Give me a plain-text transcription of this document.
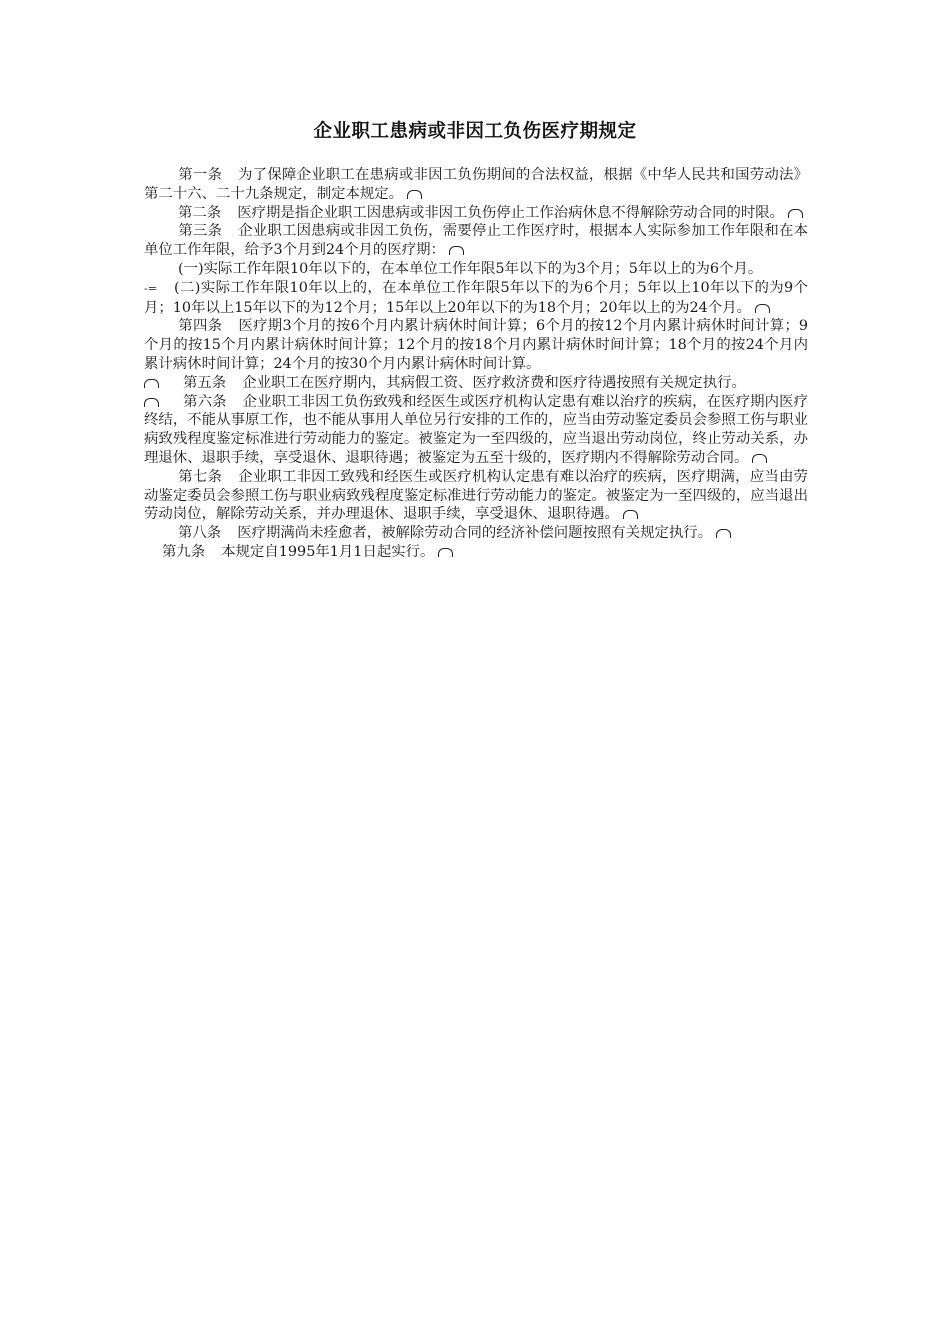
企业职工患病或非因工负伤医疗期规定

第一条 为了保障企业职工在患病或非因工负伤期间的合法权益，根据《中华人民共和国劳动法》第二十六、二十九条规定，制定本规定。

第二条 医疗期是指企业职工因患病或非因工负伤停止工作治病休息不得解除劳动合同的时限。

第三条 企业职工因患病或非因工负伤，需要停止工作医疗时，根据本人实际参加工作年限和在本单位工作年限，给予3个月到24个月的医疗期：

(一)实际工作年限10年以下的，在本单位工作年限5年以下的为3个月；5年以上的为6个月。

-= (二)实际工作年限10年以上的，在本单位工作年限5年以下的为6个月；5年以上10年以下的为9个月；10年以上15年以下的为12个月；15年以上20年以下的为18个月；20年以上的为24个月。

第四条 医疗期3个月的按6个月内累计病休时间计算；6个月的按12个月内累计病休时间计算；9个月的按15个月内累计病休时间计算；12个月的按18个月内累计病休时间计算；18个月的按24个月内累计病休时间计算；24个月的按30个月内累计病休时间计算。

第五条 企业职工在医疗期内，其病假工资、医疗救济费和医疗待遇按照有关规定执行。

第六条 企业职工非因工负伤致残和经医生或医疗机构认定患有难以治疗的疾病，在医疗期内医疗终结，不能从事原工作，也不能从事用人单位另行安排的工作的，应当由劳动鉴定委员会参照工伤与职业病致残程度鉴定标准进行劳动能力的鉴定。被鉴定为一至四级的，应当退出劳动岗位，终止劳动关系，办理退休、退职手续，享受退休、退职待遇；被鉴定为五至十级的，医疗期内不得解除劳动合同。

第七条 企业职工非因工致残和经医生或医疗机构认定患有难以治疗的疾病，医疗期满，应当由劳动鉴定委员会参照工伤与职业病致残程度鉴定标准进行劳动能力的鉴定。被鉴定为一至四级的，应当退出劳动岗位，解除劳动关系，并办理退休、退职手续，享受退休、退职待遇。

第八条 医疗期满尚未痊愈者，被解除劳动合同的经济补偿问题按照有关规定执行。

第九条 本规定自1995年1月1日起实行。
